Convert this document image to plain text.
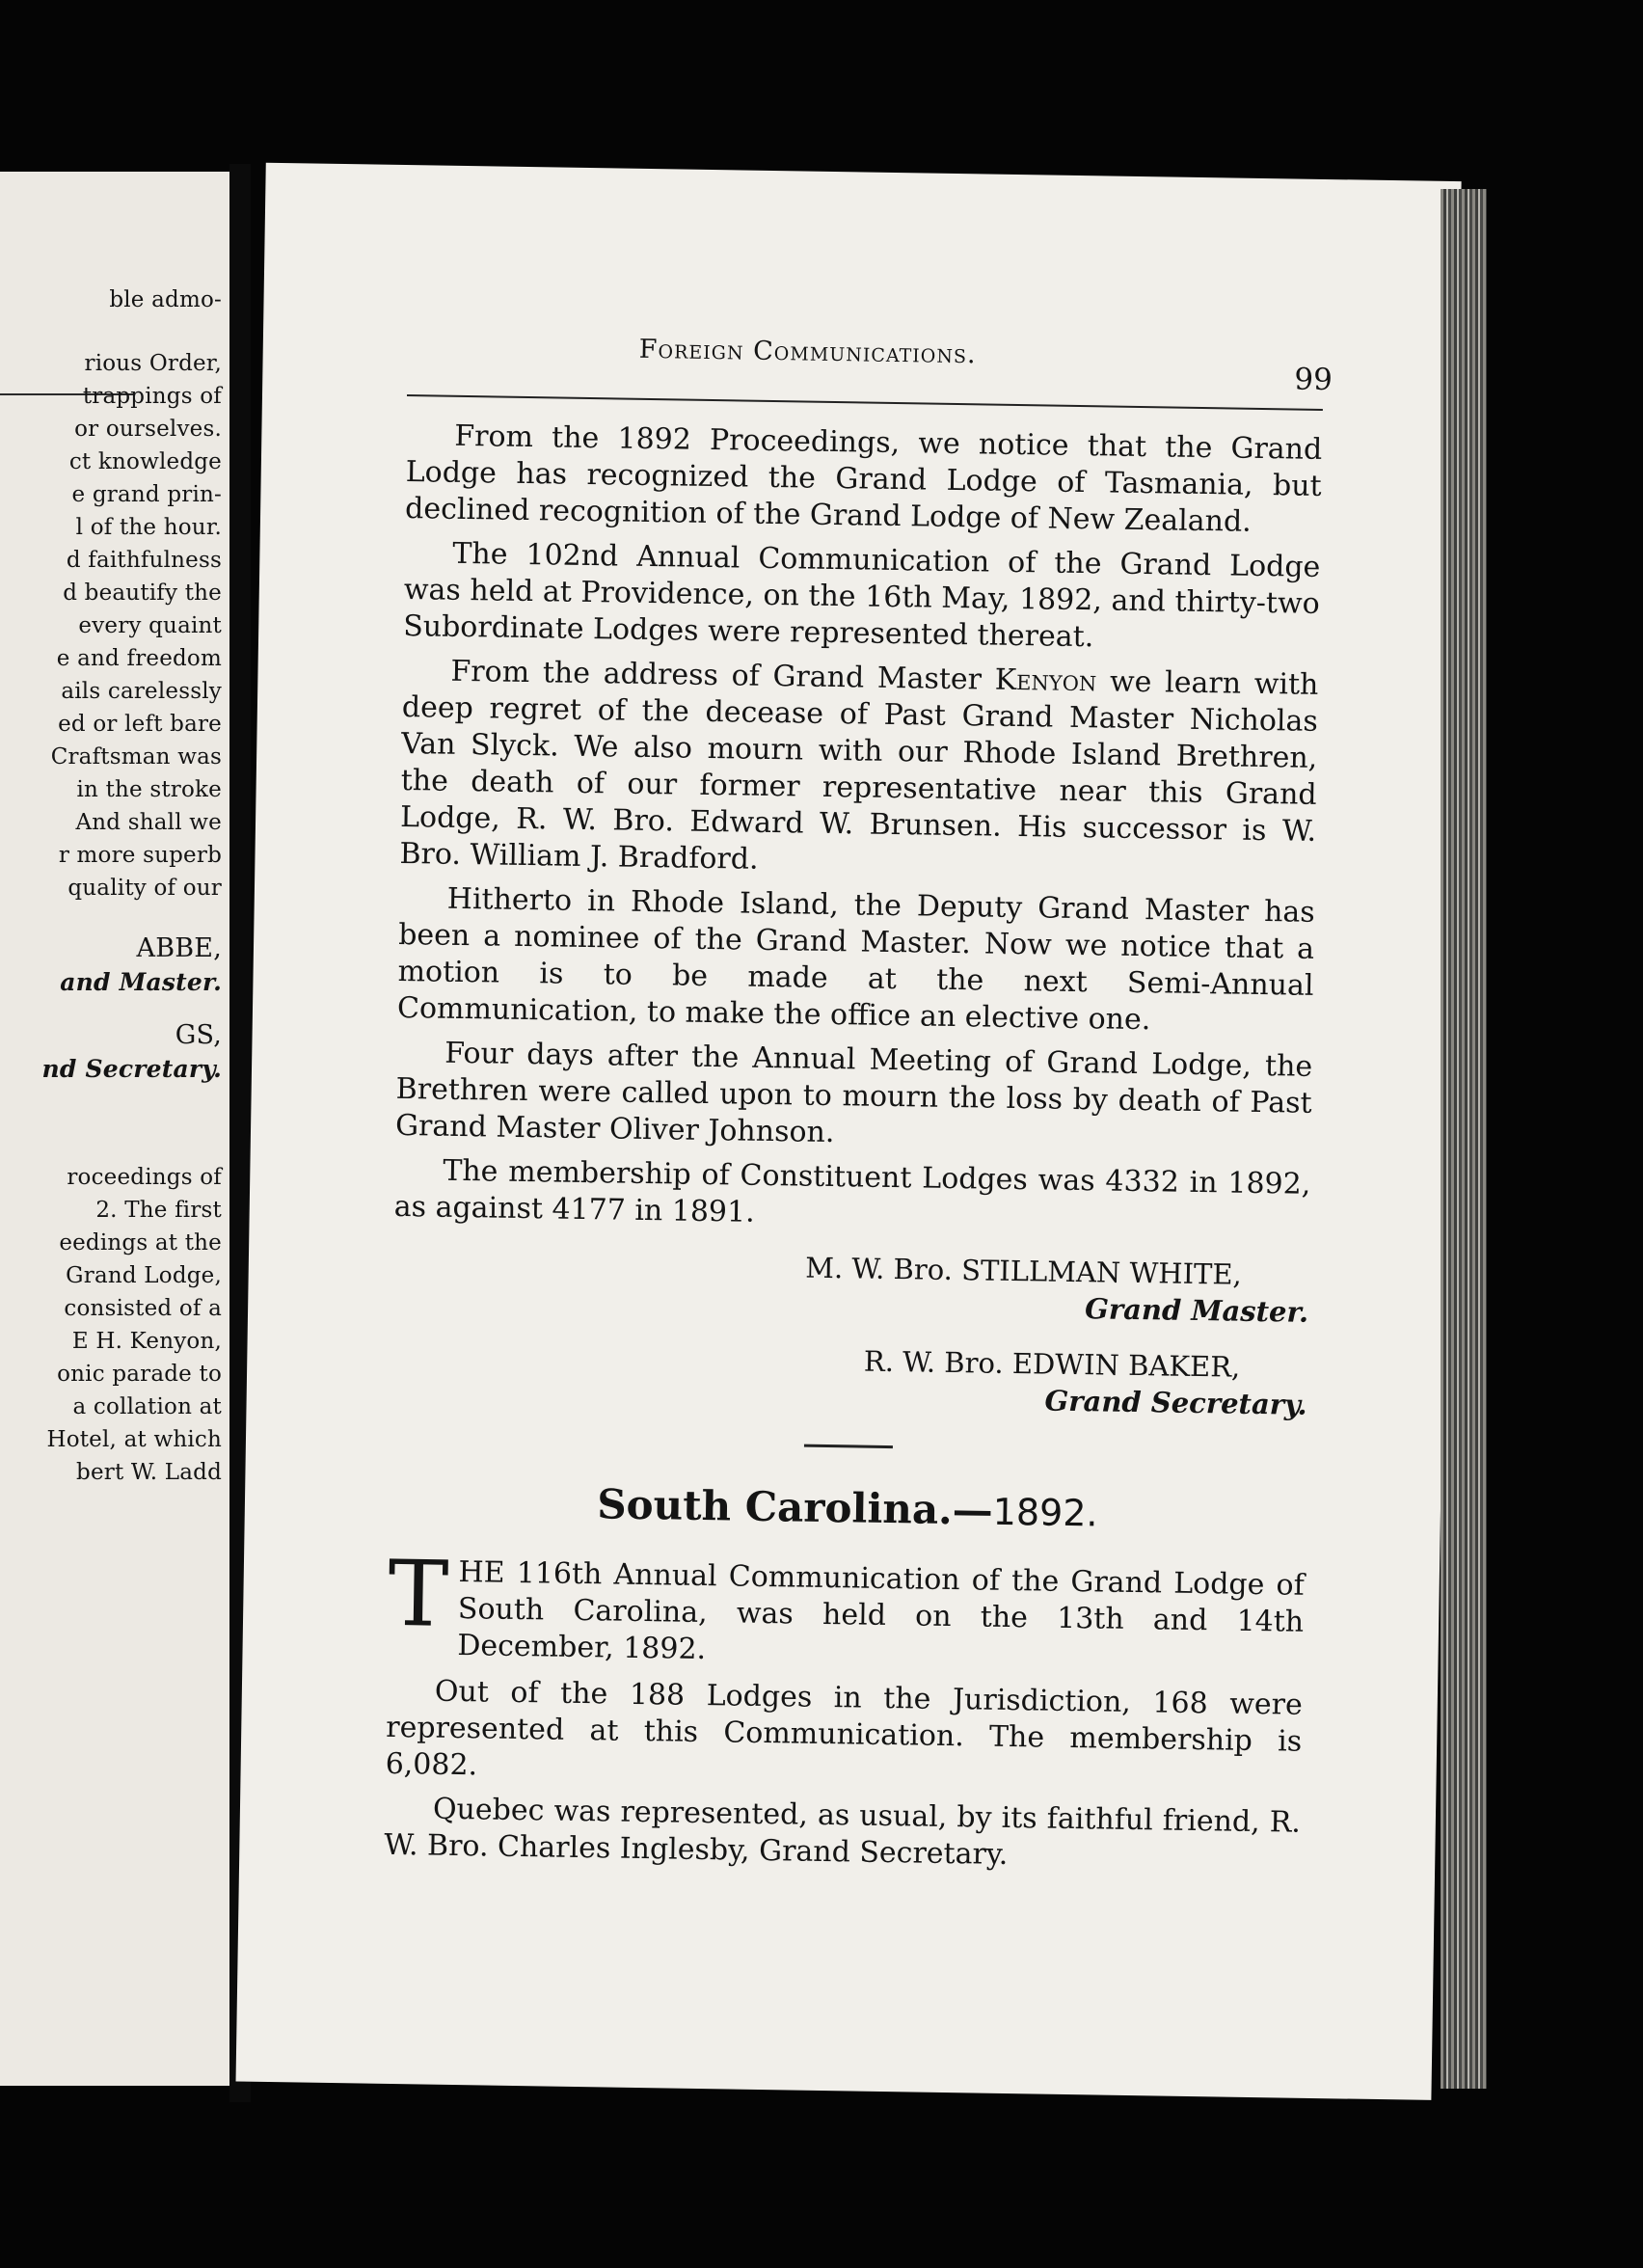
ble admo-
rious Order,
trappings of
or ourselves.
ct knowledge
e grand prin-
l of the hour.
d faithfulness
d beautify the
every quaint
e and freedom
ails carelessly
ed or left bare
Craftsman was
in the stroke
And shall we
r more superb
quality of our
ABBE,
and Master.
GS,
nd Secretary.
roceedings of
2. The first
eedings at the
Grand Lodge,
consisted of a
E H. Kenyon,
onic parade to
a collation at
Hotel, at which
bert W. Ladd
Foreign Communications.
99

From the 1892 Proceedings, we notice that the Grand Lodge has recognized the Grand Lodge of Tasmania, but declined recognition of the Grand Lodge of New Zealand.

The 102nd Annual Communication of the Grand Lodge was held at Providence, on the 16th May, 1892, and thirty-two Subordinate Lodges were represented thereat.

From the address of Grand Master Kenyon we learn with deep regret of the decease of Past Grand Master Nicholas Van Slyck. We also mourn with our Rhode Island Brethren, the death of our former representative near this Grand Lodge, R. W. Bro. Edward W. Brunsen. His successor is W. Bro. William J. Bradford.

Hitherto in Rhode Island, the Deputy Grand Master has been a nominee of the Grand Master. Now we notice that a motion is to be made at the next Semi-Annual Communication, to make the office an elective one.

Four days after the Annual Meeting of Grand Lodge, the Brethren were called upon to mourn the loss by death of Past Grand Master Oliver Johnson.

The membership of Constituent Lodges was 4332 in 1892, as against 4177 in 1891.

M. W. Bro. STILLMAN WHITE,
Grand Master.
R. W. Bro. EDWIN BAKER,
Grand Secretary.
South Carolina.—1892.

THE 116th Annual Communication of the Grand Lodge of South Carolina, was held on the 13th and 14th December, 1892.

Out of the 188 Lodges in the Jurisdiction, 168 were represented at this Communication. The membership is 6,082.

Quebec was represented, as usual, by its faithful friend, R. W. Bro. Charles Inglesby, Grand Secretary.
